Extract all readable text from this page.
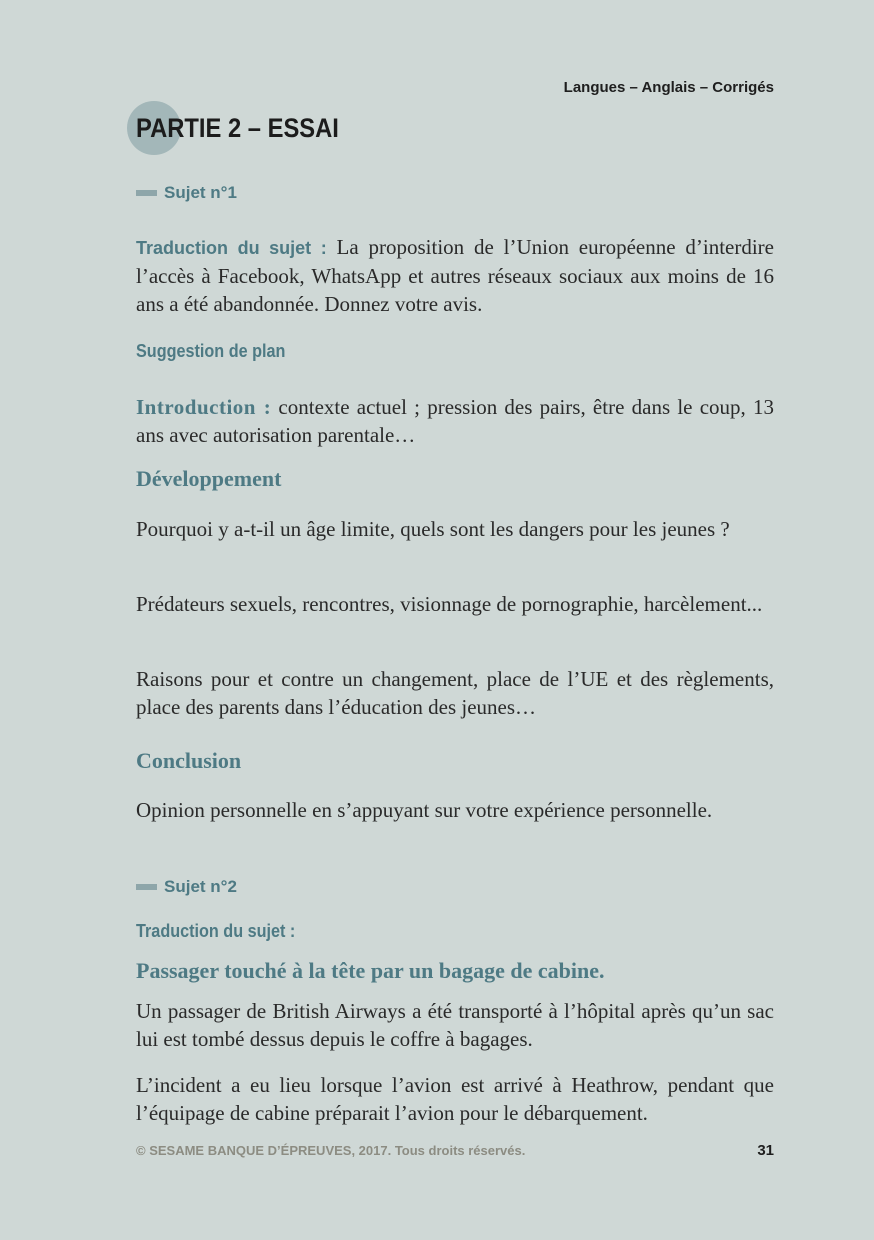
Langues – Anglais – Corrigés
PARTIE 2 – ESSAI
Sujet n°1
Traduction du sujet : La proposition de l’Union européenne d’interdire l’accès à Facebook, WhatsApp et autres réseaux sociaux aux moins de 16 ans a été abandonnée. Donnez votre avis.
Suggestion de plan
Introduction : contexte actuel ; pression des pairs, être dans le coup, 13 ans avec autorisation parentale…
Développement
Pourquoi y a-t-il un âge limite, quels sont les dangers pour les jeunes ?
Prédateurs sexuels, rencontres, visionnage de pornographie, harcèlement...
Raisons pour et contre un changement, place de l’UE et des règlements, place des parents dans l’éducation des jeunes…
Conclusion
Opinion personnelle en s’appuyant sur votre expérience personnelle.
Sujet n°2
Traduction du sujet :
Passager touché à la tête par un bagage de cabine.
Un passager de British Airways a été transporté à l’hôpital après qu’un sac lui est tombé dessus depuis le coffre à bagages.
L’incident a eu lieu lorsque l’avion est arrivé à Heathrow, pendant que l’équipage de cabine préparait l’avion pour le débarquement.
© SESAME BANQUE D’ÉPREUVES, 2017. Tous droits réservés.	31
